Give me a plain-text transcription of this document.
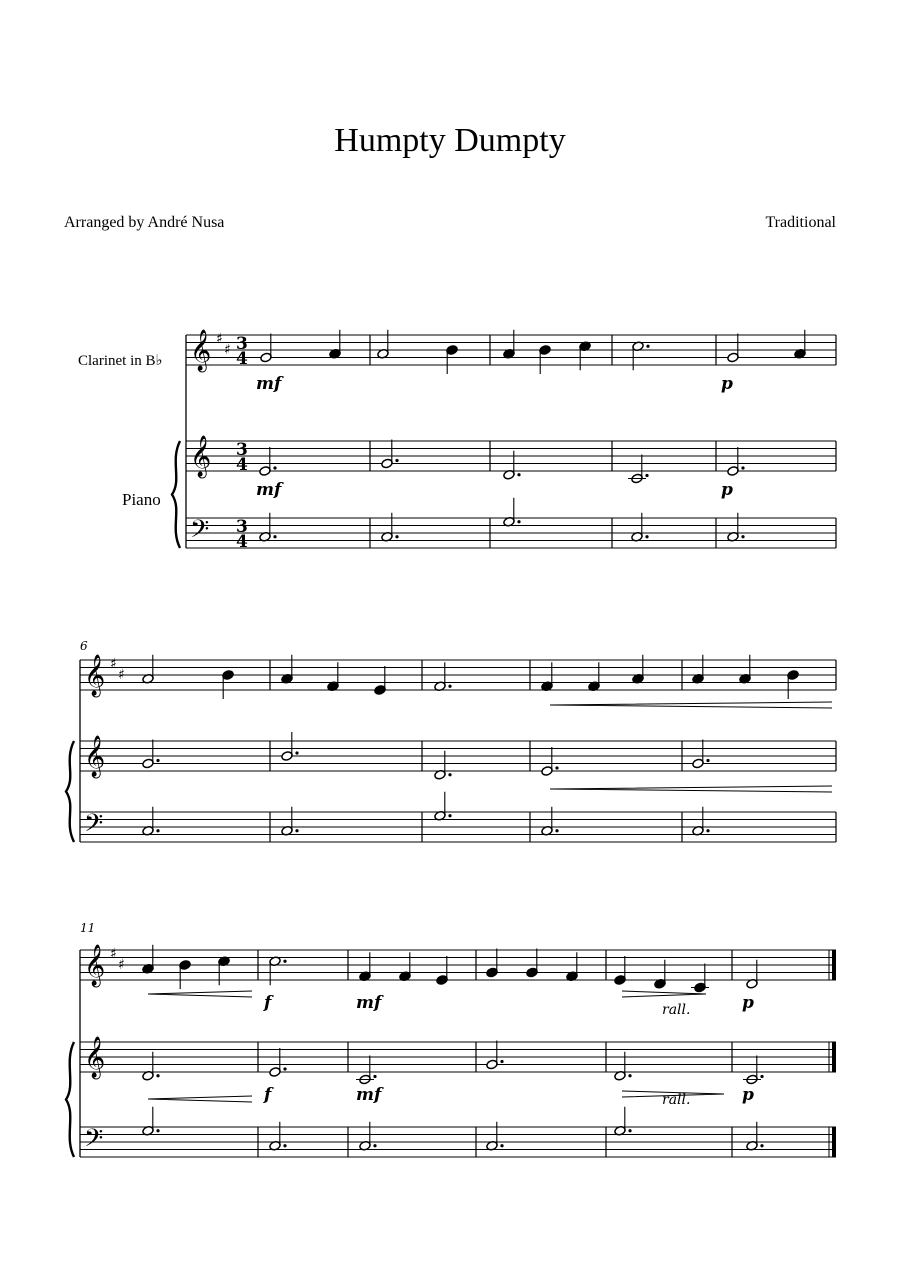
Humpty Dumpty
Arranged by André Nusa	Traditional
Clarinet in B♭
Piano
𝄞 ♯
♯ 3
4
𝄞 3
4
𝄢 3
4
mf	p
mf	p
6
𝄞 ♯
♯
𝄞
𝄢
11
𝄞 ♯
♯
𝄞
𝄢
f	mf	p
rall.
f	mf	p
rall.
